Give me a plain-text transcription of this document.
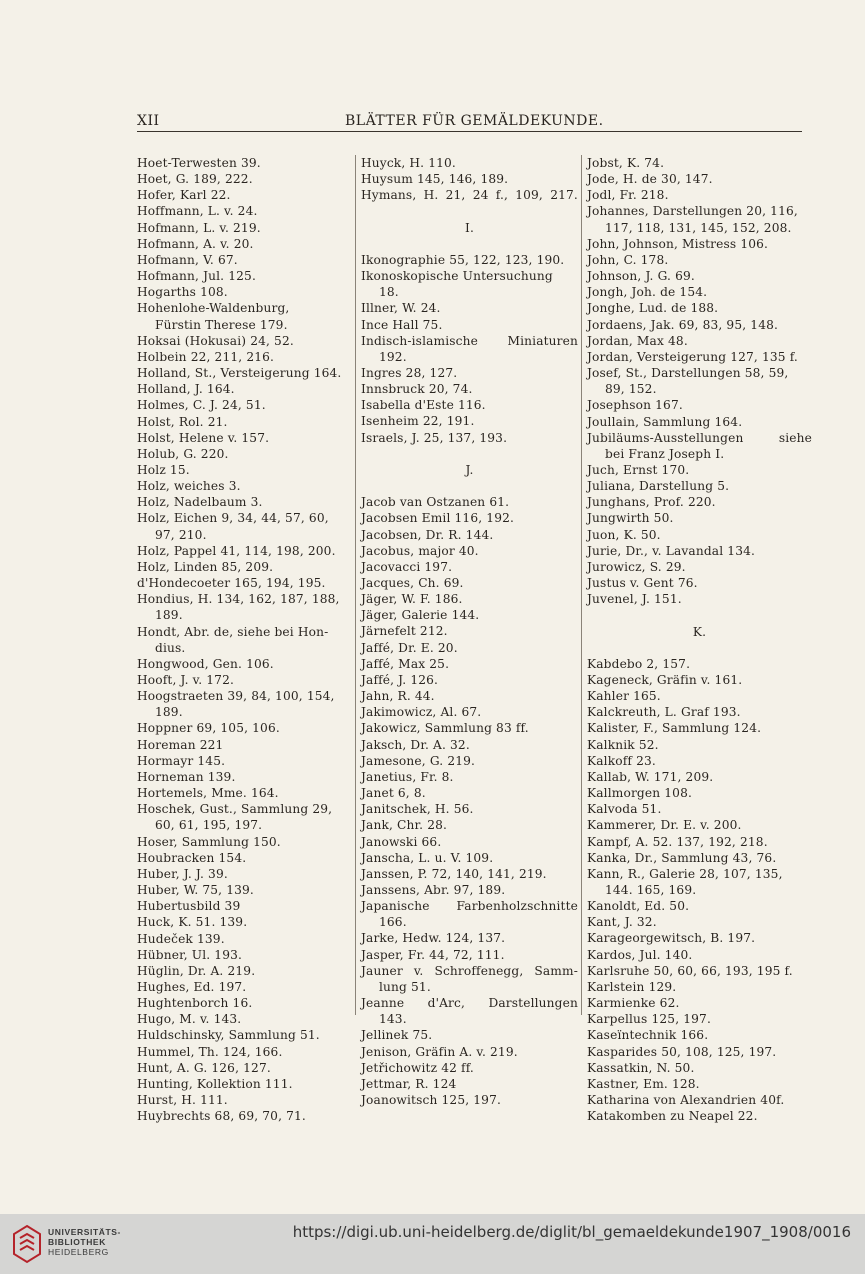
XII	BLÄTTER FÜR GEMÄLDEKUNDE.
Hoet-Terwesten 39.
Hoet, G. 189, 222.
Hofer, Karl 22.
Hoffmann, L. v. 24.
Hofmann, L. v. 219.
Hofmann, A. v. 20.
Hofmann, V. 67.
Hofmann, Jul. 125.
Hogarths 108.
Hohenlohe-Waldenburg,
Fürstin Therese 179.
Hoksai (Hokusai) 24, 52.
Holbein 22, 211, 216.
Holland, St., Versteigerung 164.
Holland, J. 164.
Holmes, C. J. 24, 51.
Holst, Rol. 21.
Holst, Helene v. 157.
Holub, G. 220.
Holz 15.
Holz, weiches 3.
Holz, Nadelbaum 3.
Holz, Eichen 9, 34, 44, 57, 60,
97, 210.
Holz, Pappel 41, 114, 198, 200.
Holz, Linden 85, 209.
d'Hondecoeter 165, 194, 195.
Hondius, H. 134, 162, 187, 188,
189.
Hondt, Abr. de, siehe bei Hon-
dius.
Hongwood, Gen. 106.
Hooft, J. v. 172.
Hoogstraeten 39, 84, 100, 154,
189.
Hoppner 69, 105, 106.
Horeman 221
Hormayr 145.
Horneman 139.
Hortemels, Mme. 164.
Hoschek, Gust., Sammlung 29,
60, 61, 195, 197.
Hoser, Sammlung 150.
Houbracken 154.
Huber, J. J. 39.
Huber, W. 75, 139.
Hubertusbild 39
Huck, K. 51. 139.
Hudeček 139.
Hübner, Ul. 193.
Hüglin, Dr. A. 219.
Hughes, Ed. 197.
Hughtenborch 16.
Hugo, M. v. 143.
Huldschinsky, Sammlung 51.
Hummel, Th. 124, 166.
Hunt, A. G. 126, 127.
Hunting, Kollektion 111.
Hurst, H. 111.
Huybrechts 68, 69, 70, 71.
Huyck, H. 110.
Huysum 145, 146, 189.
Hymans, H. 21, 24 f., 109, 217.
I.
Ikonographie 55, 122, 123, 190.
Ikonoskopische Untersuchung
18.
Illner, W. 24.
Ince Hall 75.
Indisch-islamische Miniaturen
192.
Ingres 28, 127.
Innsbruck 20, 74.
Isabella d'Este 116.
Isenheim 22, 191.
Israels, J. 25, 137, 193.
J.
Jacob van Ostzanen 61.
Jacobsen Emil 116, 192.
Jacobsen, Dr. R. 144.
Jacobus, major 40.
Jacovacci 197.
Jacques, Ch. 69.
Jäger, W. F. 186.
Jäger, Galerie 144.
Järnefelt 212.
Jaffé, Dr. E. 20.
Jaffé, Max 25.
Jaffé, J. 126.
Jahn, R. 44.
Jakimowicz, Al. 67.
Jakowicz, Sammlung 83 ff.
Jaksch, Dr. A. 32.
Jamesone, G. 219.
Janetius, Fr. 8.
Janet 6, 8.
Janitschek, H. 56.
Jank, Chr. 28.
Janowski 66.
Janscha, L. u. V. 109.
Janssen, P. 72, 140, 141, 219.
Janssens, Abr. 97, 189.
Japanische Farbenholzschnitte
166.
Jarke, Hedw. 124, 137.
Jasper, Fr. 44, 72, 111.
Jauner v. Schroffenegg, Samm-
lung 51.
Jeanne d'Arc, Darstellungen
143.
Jellinek 75.
Jenison, Gräfin A. v. 219.
Jetřichowitz 42 ff.
Jettmar, R. 124
Joanowitsch 125, 197.
Jobst, K. 74.
Jode, H. de 30, 147.
Jodl, Fr. 218.
Johannes, Darstellungen 20, 116,
117, 118, 131, 145, 152, 208.
John, Johnson, Mistress 106.
John, C. 178.
Johnson, J. G. 69.
Jongh, Joh. de 154.
Jonghe, Lud. de 188.
Jordaens, Jak. 69, 83, 95, 148.
Jordan, Max 48.
Jordan, Versteigerung 127, 135 f.
Josef, St., Darstellungen 58, 59,
89, 152.
Josephson 167.
Joullain, Sammlung 164.
Jubiläums-Ausstellungen	siehe
bei Franz Joseph I.
Juch, Ernst 170.
Juliana, Darstellung 5.
Junghans, Prof. 220.
Jungwirth 50.
Juon, K. 50.
Jurie, Dr., v. Lavandal 134.
Jurowicz, S. 29.
Justus v. Gent 76.
Juvenel, J. 151.
K.
Kabdebo 2, 157.
Kageneck, Gräfin v. 161.
Kahler 165.
Kalckreuth, L. Graf 193.
Kalister, F., Sammlung 124.
Kalknik 52.
Kalkoff 23.
Kallab, W. 171, 209.
Kallmorgen 108.
Kalvoda 51.
Kammerer, Dr. E. v. 200.
Kampf, A. 52. 137, 192, 218.
Kanka, Dr., Sammlung 43, 76.
Kann, R., Galerie 28, 107, 135,
144. 165, 169.
Kanoldt, Ed. 50.
Kant, J. 32.
Karageorgewitsch, B. 197.
Kardos, Jul. 140.
Karlsruhe 50, 60, 66, 193, 195 f.
Karlstein 129.
Karmienke 62.
Karpellus 125, 197.
Kaseïntechnik 166.
Kasparides 50, 108, 125, 197.
Kassatkin, N. 50.
Kastner, Em. 128.
Katharina von Alexandrien 40f.
Katakomben zu Neapel 22.
UNIVERSITÄTS-
BIBLIOTHEK
HEIDELBERG
https://digi.ub.uni-heidelberg.de/diglit/bl_gemaeldekunde1907_1908/0016
